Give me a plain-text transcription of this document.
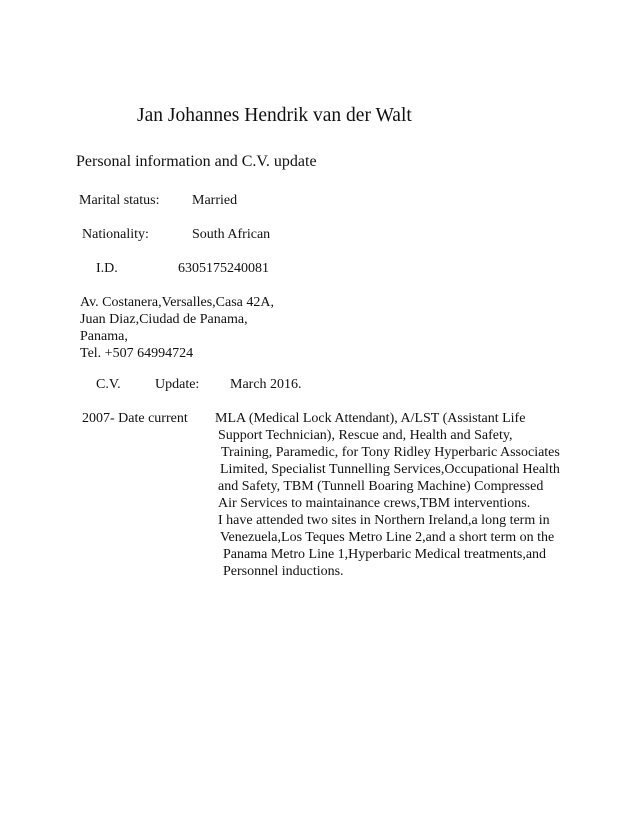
Jan Johannes Hendrik van der Walt
Personal information and C.V. update
Marital status: Married
Nationality:	South African
I.D.	6305175240081
Av. Costanera,Versalles,Casa 42A,
Juan Diaz,Ciudad de Panama,
Panama,
Tel. +507 64994724
C.V. Update: March 2016.
2007- Date current MLA (Medical Lock Attendant), A/LST (Assistant Life
Support Technician), Rescue and, Health and Safety,
Training, Paramedic, for Tony Ridley Hyperbaric Associates
Limited, Specialist Tunnelling Services,Occupational Health
and Safety, TBM (Tunnell Boaring Machine) Compressed
Air Services to maintainance crews,TBM interventions.
I have attended two sites in Northern Ireland,a long term in
Venezuela,Los Teques Metro Line 2,and a short term on the
Panama Metro Line 1,Hyperbaric Medical treatments,and
Personnel inductions.
